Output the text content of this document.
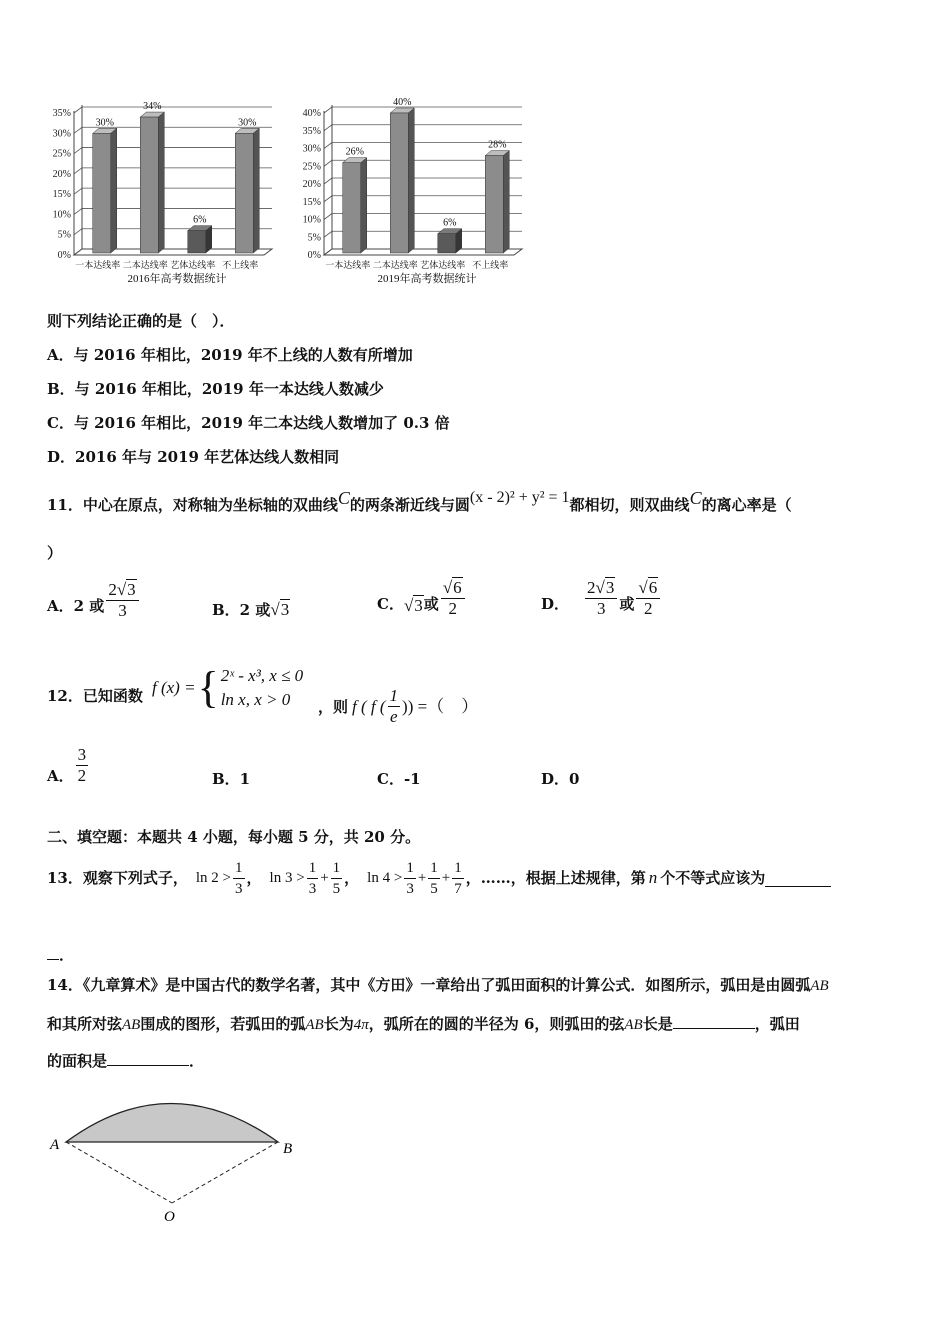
0%
5%
10%
15%
20%
25%
30%
35%
30%
一本达线率
34%
二本达线率
6%
艺体达线率
30%
不上线率
2016年高考数据统计
0%
5%
10%
15%
20%
25%
30%
35%
40%
26%
一本达线率
40%
二本达线率
6%
艺体达线率
28%
不上线率
2019年高考数据统计
则下列结论正确的是（　）．
A．与 2016 年相比，2019 年不上线的人数有所增加
B．与 2016 年相比，2019 年一本达线人数减少
C．与 2016 年相比，2019 年二本达线人数增加了 0.3 倍
D．2016 年与 2019 年艺体达线人数相同
11．中心在原点，对称轴为坐标轴的双曲线C的两条渐近线与圆(x - 2)² + y² = 1都相切，则双曲线C的离心率是（
）
A．2 或 $\frac{2√3}{3}$	B．2 或√3	C． √3 或 $\frac{√6}{2}$	D． $\frac{2√3}{3}$ 或 $\frac{√6}{2}$
12．已知函数 f (x) = { 2ˣ - x³, x ≤ 0
ln x, x > 0	，则 f ( f ( $\frac{1}{e}$ )) =（　）
A． $\frac{3}{2}$	B．1	C．-1	D．0
二、填空题：本题共 4 小题，每小题 5 分，共 20 分。
13． 观察下列式子， $\ln 2 > \frac{1}{3}$ ， $\ln 3 > \frac{1}{3} + \frac{1}{5}$ ， $\ln 4 > \frac{1}{3} + \frac{1}{5} + \frac{1}{7}$ ，……，根据上述规律，第 n 个不等式应该为
．
14．《九章算术》是中国古代的数学名著，其中《方田》一章给出了弧田面积的计算公式．如图所示，弧田是由圆弧AB
和其所对弦AB围成的图形，若弧田的弧AB长为4π，弧所在的圆的半径为 6，则弧田的弦AB长是	，弧田
的面积是	．
A	B
O
